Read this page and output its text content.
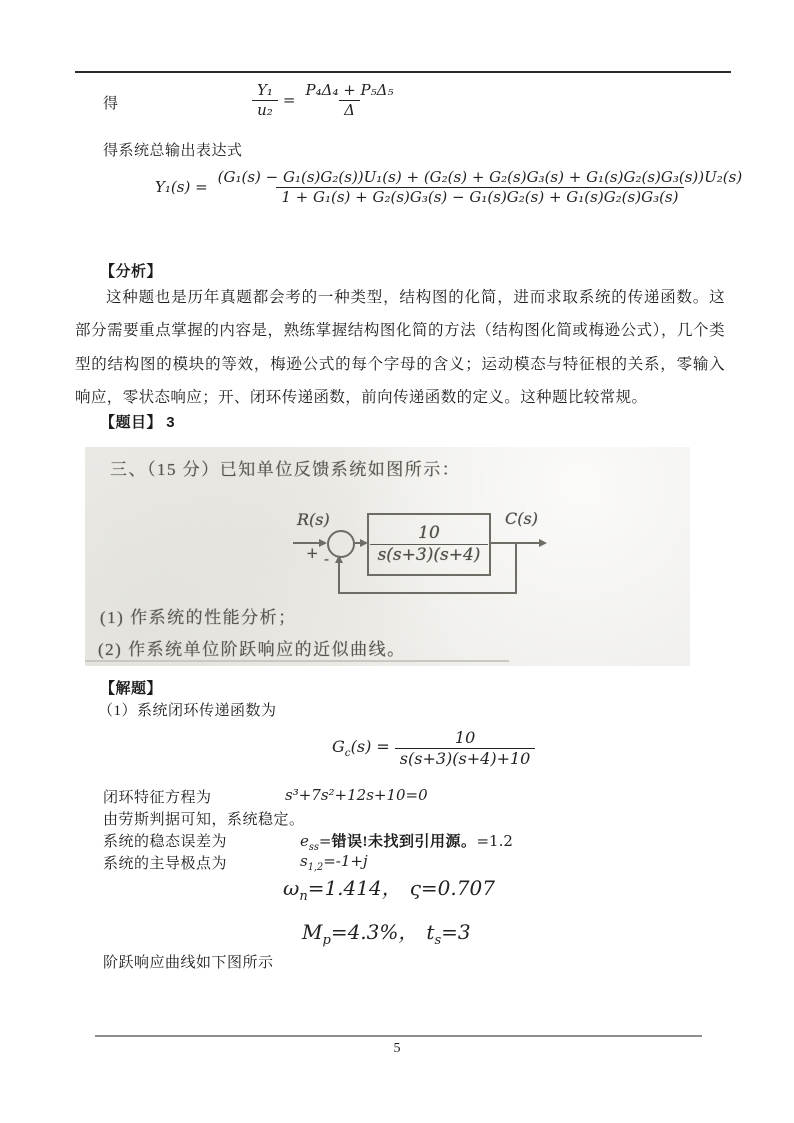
得	$\frac{\text{Y₁}}{\text{u₂}} = \frac{\text{P₄Δ₄ + P₅Δ₅}}{\Delta}$
得系统总输出表达式
Y₁(s) =
(G₁(s) − G₁(s)G₂(s))U₁(s) + (G₂(s) + G₂(s)G₃(s) + G₁(s)G₂(s)G₃(s))U₂(s)
1 + G₁(s) + G₂(s)G₃(s) − G₁(s)G₂(s) + G₁(s)G₂(s)G₃(s)
【分析】
这种题也是历年真题都会考的一种类型，结构图的化简，进而求取系统的传递函数。这部分需要重点掌握的内容是，熟练掌握结构图化简的方法（结构图化简或梅逊公式），几个类型的结构图的模块的等效，梅逊公式的每个字母的含义；运动模态与特征根的关系，零输入响应，零状态响应；开、闭环传递函数，前向传递函数的定义。这种题比较常规。
【题目】 3
三、（15 分）已知单位反馈系统如图所示：
R(s)	C(s)
+ - $\frac{10}{s(s+3)(s+4)}$
(1) 作系统的性能分析；
(2) 作系统单位阶跃响应的近似曲线。
【解题】
（1）系统闭环传递函数为
$G_c(s) = \frac{10}{s(s+3)(s+4)+10}$
闭环特征方程为	s³+7s²+12s+10=0
由劳斯判据可知，系统稳定。
系统的稳态误差为	$e_{ss}=$错误!未找到引用源。=1.2
系统的主导极点为	$s_{1,2}=-1+j$
$\omega_n=1.414$， ς=0.707
$M_p=4.3\%$， $t_s=3$
阶跃响应曲线如下图所示
5
